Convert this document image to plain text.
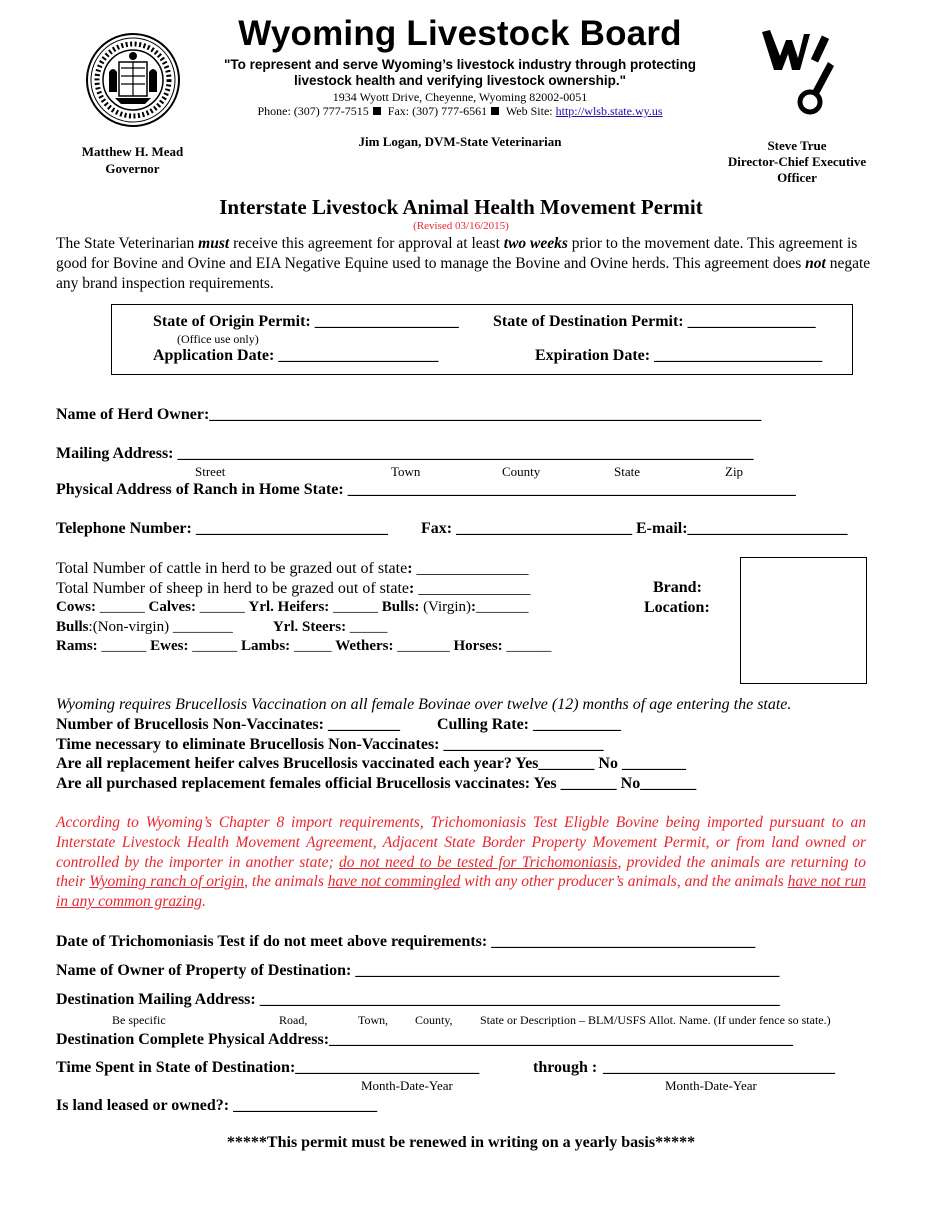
Wyoming Livestock Board
"To represent and serve Wyoming’s livestock industry through protecting livestock health and verifying livestock ownership."
1934 Wyott Drive, Cheyenne, Wyoming 82002-0051
Phone: (307) 777-7515 Fax: (307) 777-6561 Web Site: http://wlsb.state.wy.us
Jim Logan, DVM-State Veterinarian
Matthew H. Mead
Governor
Steve True
Director-Chief Executive Officer
Interstate Livestock Animal Health Movement Permit
(Revised 03/16/2015)
The State Veterinarian must receive this agreement for approval at least two weeks prior to the movement date. This agreement is good for Bovine and Ovine and EIA Negative Equine used to manage the Bovine and Ovine herds. This agreement does not negate any brand inspection requirements.
State of Origin Permit: __________________ State of Destination Permit: ________________
(Office use only)
Application Date: ____________________	Expiration Date: _____________________
Name of Herd Owner:_____________________________________________________________________
Mailing Address: ________________________________________________________________________
Street	Town	County	State	Zip
Physical Address of Ranch in Home State: ________________________________________________________
Telephone Number: ________________________ Fax: ______________________ E-mail:____________________
Total Number of cattle in herd to be grazed out of state: ______________
Total Number of sheep in herd to be grazed out of state: ______________
Cows: ______ Calves: ______ Yrl. Heifers: ______ Bulls: (Virgin):_______
Bulls:(Non-virgin) ________	Yrl. Steers: _____
Rams: ______ Ewes: ______ Lambs: _____ Wethers: _______ Horses: ______
Brand:
Location:
Wyoming requires Brucellosis Vaccination on all female Bovinae over twelve (12) months of age entering the state.
Number of Brucellosis Non-Vaccinates: _________ Culling Rate: ___________
Time necessary to eliminate Brucellosis Non-Vaccinates: ____________________
Are all replacement heifer calves Brucellosis vaccinated each year? Yes_______ No ________
Are all purchased replacement females official Brucellosis vaccinates: Yes _______ No_______
According to Wyoming’s Chapter 8 import requirements, Trichomoniasis Test Eligble Bovine being imported pursuant to an Interstate Livestock Health Movement Agreement, Adjacent State Border Property Movement Permit, or from land owned or controlled by the importer in another state; do not need to be tested for Trichomoniasis, provided the animals are returning to their Wyoming ranch of origin, the animals have not commingled with any other producer’s animals, and the animals have not run in any common grazing.
Date of Trichomoniasis Test if do not meet above requirements: _________________________________
Name of Owner of Property of Destination: _____________________________________________________
Destination Mailing Address: _________________________________________________________________
Be specific	Road,	Town, County, State or Description – BLM/USFS Allot. Name. (If under fence so state.)
Destination Complete Physical Address:__________________________________________________________
Time Spent in State of Destination:_______________________	through : _____________________________
Month-Date-Year	Month-Date-Year
Is land leased or owned?: __________________
*****This permit must be renewed in writing on a yearly basis*****
